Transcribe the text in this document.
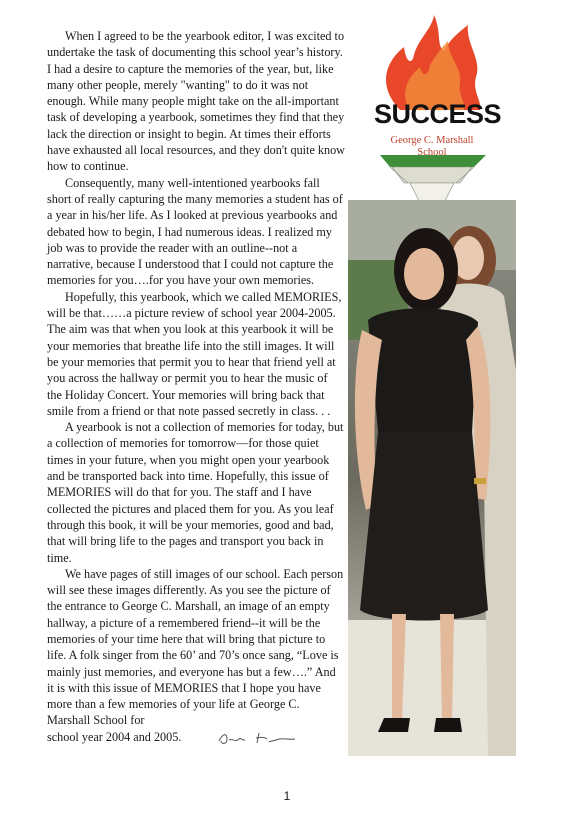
When I agreed to be the yearbook editor, I was excited to undertake the task of documenting this school year’s history. I had a desire to capture the memories of the year, but, like many other people, merely "wanting" to do it was not enough. While many people might take on the all-important task of developing a yearbook, sometimes they find that they lack the direction or insight to begin. At times their efforts have exhausted all local resources, and they don't quite know how to continue.

Consequently, many well-intentioned yearbooks fall short of really capturing the many memories a student has of a year in his/her life. As I looked at previous yearbooks and debated how to begin, I had numerous ideas. I realized my job was to provide the reader with an outline--not a narrative, because I understood that I could not capture the memories for you….for you have your own memories.

Hopefully, this yearbook, which we called MEMORIES, will be that……a picture review of school year 2004-2005. The aim was that when you look at this yearbook it will be your memories that breathe life into the still images. It will be your memories that permit you to hear that friend yell at you across the hallway or permit you to hear the music of the Holiday Concert. Your memories will bring back that smile from a friend or that note passed secretly in class. . .

A yearbook is not a collection of memories for today, but a collection of memories for tomorrow—for those quiet times in your future, when you might open your yearbook and be transported back into time. Hopefully, this issue of MEMORIES will do that for you. The staff and I have collected the pictures and placed them for you. As you leaf through this book, it will be your memories, good and bad, that will bring life to the pages and transport you back in time.

We have pages of still images of our school. Each person will see these images differently. As you see the picture of the entrance to George C. Marshall, an image of an empty hallway, a picture of a remembered friend--it will be the memories of your time here that will bring that picture to life. A folk singer from the 60’ and 70’s once sang, “Love is mainly just memories, and everyone has but a few….” And it is with this issue of MEMORIES that I hope you have more than a few memories of your life at George C. Marshall School for

school year 2004 and 2005.
SUCCESS
George C. Marshall
School
1
